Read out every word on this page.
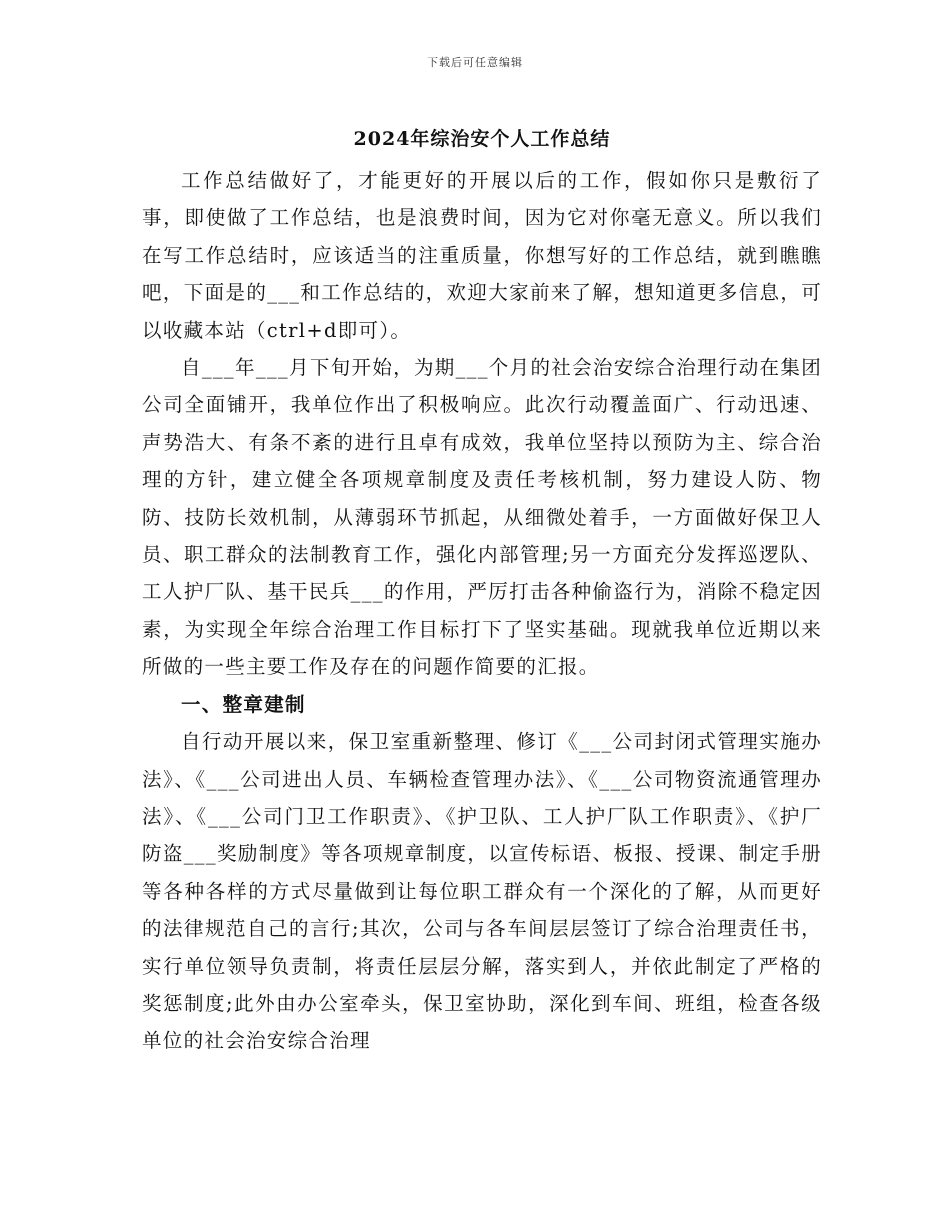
下载后可任意编辑
2024年综治安个人工作总结

工作总结做好了，才能更好的开展以后的工作，假如你只是敷衍了事，即使做了工作总结，也是浪费时间，因为它对你毫无意义。所以我们在写工作总结时，应该适当的注重质量，你想写好的工作总结，就到瞧瞧吧，下面是的___和工作总结的，欢迎大家前来了解，想知道更多信息，可以收藏本站（ctrl+d即可）。

自___年___月下旬开始，为期___个月的社会治安综合治理行动在集团公司全面铺开，我单位作出了积极响应。此次行动覆盖面广、行动迅速、声势浩大、有条不紊的进行且卓有成效，我单位坚持以预防为主、综合治理的方针，建立健全各项规章制度及责任考核机制，努力建设人防、物防、技防长效机制，从薄弱环节抓起，从细微处着手，一方面做好保卫人员、职工群众的法制教育工作，强化内部管理;另一方面充分发挥巡逻队、工人护厂队、基干民兵___的作用，严厉打击各种偷盗行为，消除不稳定因素，为实现全年综合治理工作目标打下了坚实基础。现就我单位近期以来所做的一些主要工作及存在的问题作简要的汇报。

一、整章建制

自行动开展以来，保卫室重新整理、修订《___公司封闭式管理实施办法》、《___公司进出人员、车辆检查管理办法》、《___公司物资流通管理办法》、《___公司门卫工作职责》、《护卫队、工人护厂队工作职责》、《护厂防盗___奖励制度》等各项规章制度，以宣传标语、板报、授课、制定手册等各种各样的方式尽量做到让每位职工群众有一个深化的了解，从而更好的法律规范自己的言行;其次，公司与各车间层层签订了综合治理责任书，实行单位领导负责制，将责任层层分解，落实到人，并依此制定了严格的奖惩制度;此外由办公室牵头，保卫室协助，深化到车间、班组，检查各级单位的社会治安综合治理
